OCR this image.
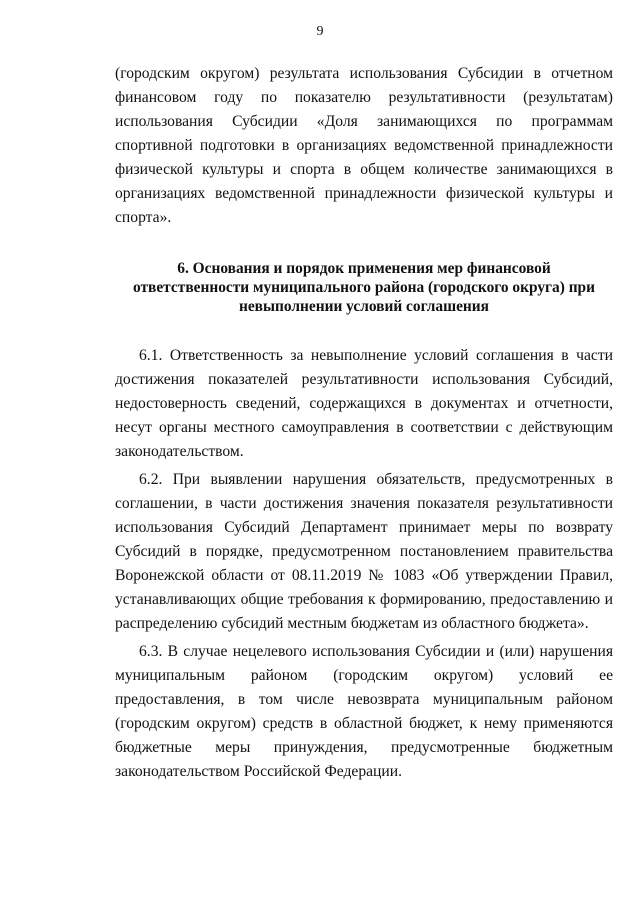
9

(городским округом) результата использования Субсидии в отчетном финансовом году по показателю результативности (результатам) использования Субсидии «Доля занимающихся по программам спортивной подготовки в организациях ведомственной принадлежности физической культуры и спорта в общем количестве занимающихся в организациях ведомственной принадлежности физической культуры и спорта».

6. Основания и порядок применения мер финансовой
ответственности муниципального района (городского округа) при
невыполнении условий соглашения

6.1. Ответственность за невыполнение условий соглашения в части достижения показателей результативности использования Субсидий, недостоверность сведений, содержащихся в документах и отчетности, несут органы местного самоуправления в соответствии с действующим законодательством.

6.2. При выявлении нарушения обязательств, предусмотренных в соглашении, в части достижения значения показателя результативности использования Субсидий Департамент принимает меры по возврату Субсидий в порядке, предусмотренном постановлением правительства Воронежской области от 08.11.2019 № 1083 «Об утверждении Правил, устанавливающих общие требования к формированию, предоставлению и распределению субсидий местным бюджетам из областного бюджета».

6.3. В случае нецелевого использования Субсидии и (или) нарушения муниципальным районом (городским округом) условий ее предоставления, в том числе невозврата муниципальным районом (городским округом) средств в областной бюджет, к нему применяются бюджетные меры принуждения, предусмотренные бюджетным законодательством Российской Федерации.
